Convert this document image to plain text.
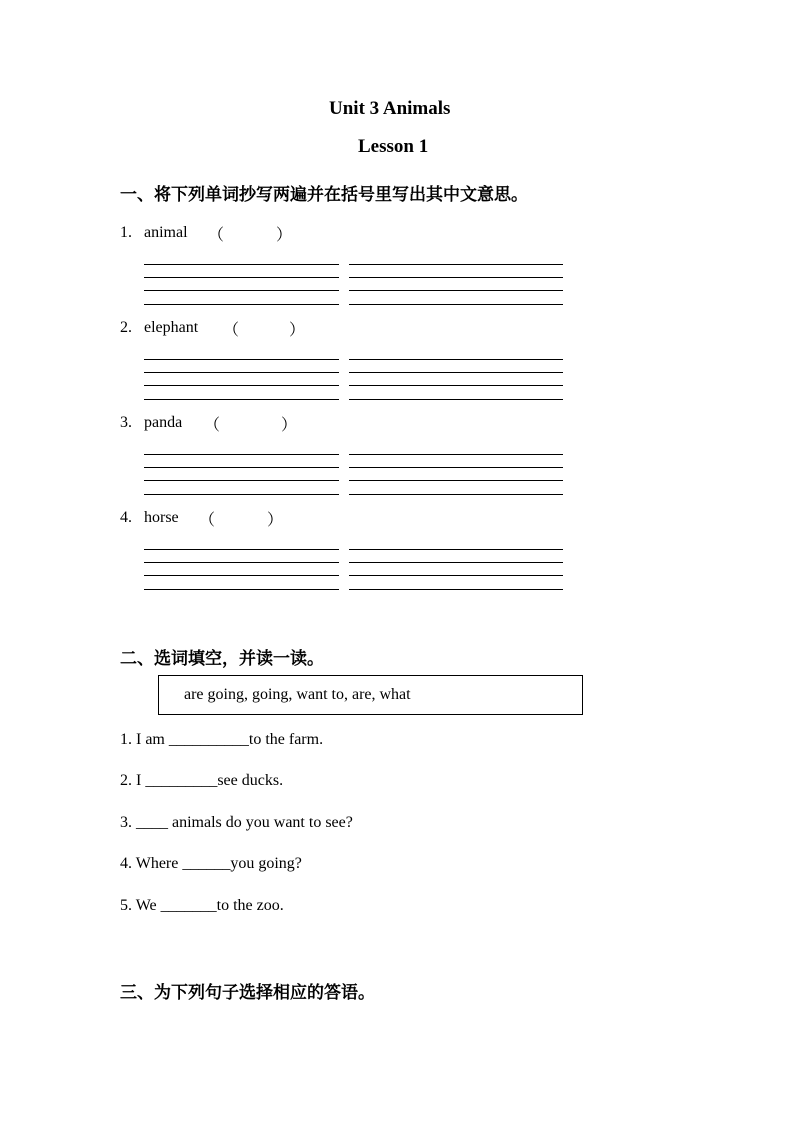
Unit 3 Animals
Lesson 1
一、将下列单词抄写两遍并在括号里写出其中文意思。
1. animal （	）
2. elephant （	）
3. panda （	）
4. horse （	）
二、选词填空，并读一读。
are going, going, want to, are, what
1. I am __________to the farm.
2. I _________see ducks.
3. ____ animals do you want to see?
4. Where ______you going?
5. We _______to the zoo.
三、为下列句子选择相应的答语。
